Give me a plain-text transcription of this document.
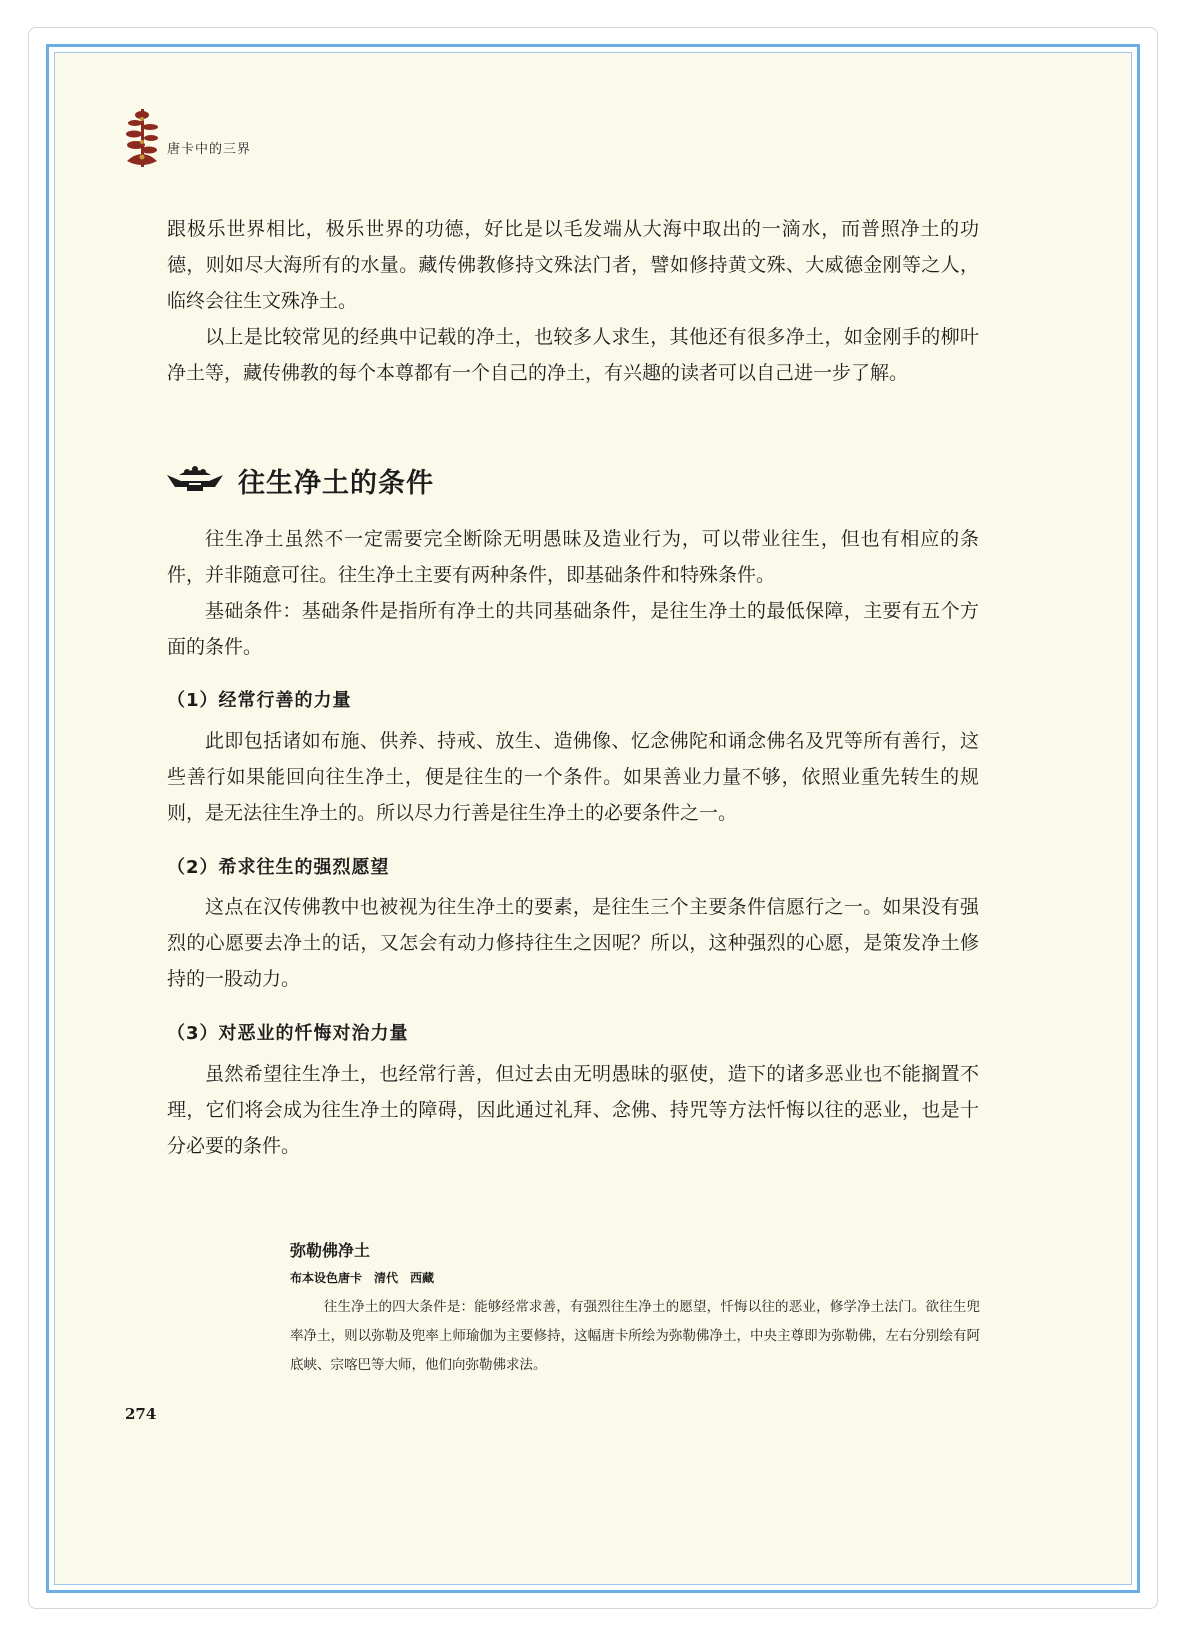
唐卡中的三界

跟极乐世界相比，极乐世界的功德，好比是以毛发端从大海中取出的一滴水，而普照净土的功德，则如尽大海所有的水量。藏传佛教修持文殊法门者，譬如修持黄文殊、大威德金刚等之人，临终会往生文殊净土。

以上是比较常见的经典中记载的净土，也较多人求生，其他还有很多净土，如金刚手的柳叶净土等，藏传佛教的每个本尊都有一个自己的净土，有兴趣的读者可以自己进一步了解。

往生净土的条件

往生净土虽然不一定需要完全断除无明愚昧及造业行为，可以带业往生，但也有相应的条件，并非随意可往。往生净土主要有两种条件，即基础条件和特殊条件。

基础条件：基础条件是指所有净土的共同基础条件，是往生净土的最低保障，主要有五个方面的条件。

（1）经常行善的力量

此即包括诸如布施、供养、持戒、放生、造佛像、忆念佛陀和诵念佛名及咒等所有善行，这些善行如果能回向往生净土，便是往生的一个条件。如果善业力量不够，依照业重先转生的规则，是无法往生净土的。所以尽力行善是往生净土的必要条件之一。

（2）希求往生的强烈愿望

这点在汉传佛教中也被视为往生净土的要素，是往生三个主要条件信愿行之一。如果没有强烈的心愿要去净土的话，又怎会有动力修持往生之因呢？所以，这种强烈的心愿，是策发净土修持的一股动力。

（3）对恶业的忏悔对治力量

虽然希望往生净土，也经常行善，但过去由无明愚昧的驱使，造下的诸多恶业也不能搁置不理，它们将会成为往生净土的障碍，因此通过礼拜、念佛、持咒等方法忏悔以往的恶业，也是十分必要的条件。

弥勒佛净土
布本设色唐卡　清代　西藏

往生净土的四大条件是：能够经常求善，有强烈往生净土的愿望，忏悔以往的恶业，修学净土法门。欲往生兜率净土，则以弥勒及兜率上师瑜伽为主要修持，这幅唐卡所绘为弥勒佛净土，中央主尊即为弥勒佛，左右分别绘有阿底峡、宗喀巴等大师，他们向弥勒佛求法。

274
